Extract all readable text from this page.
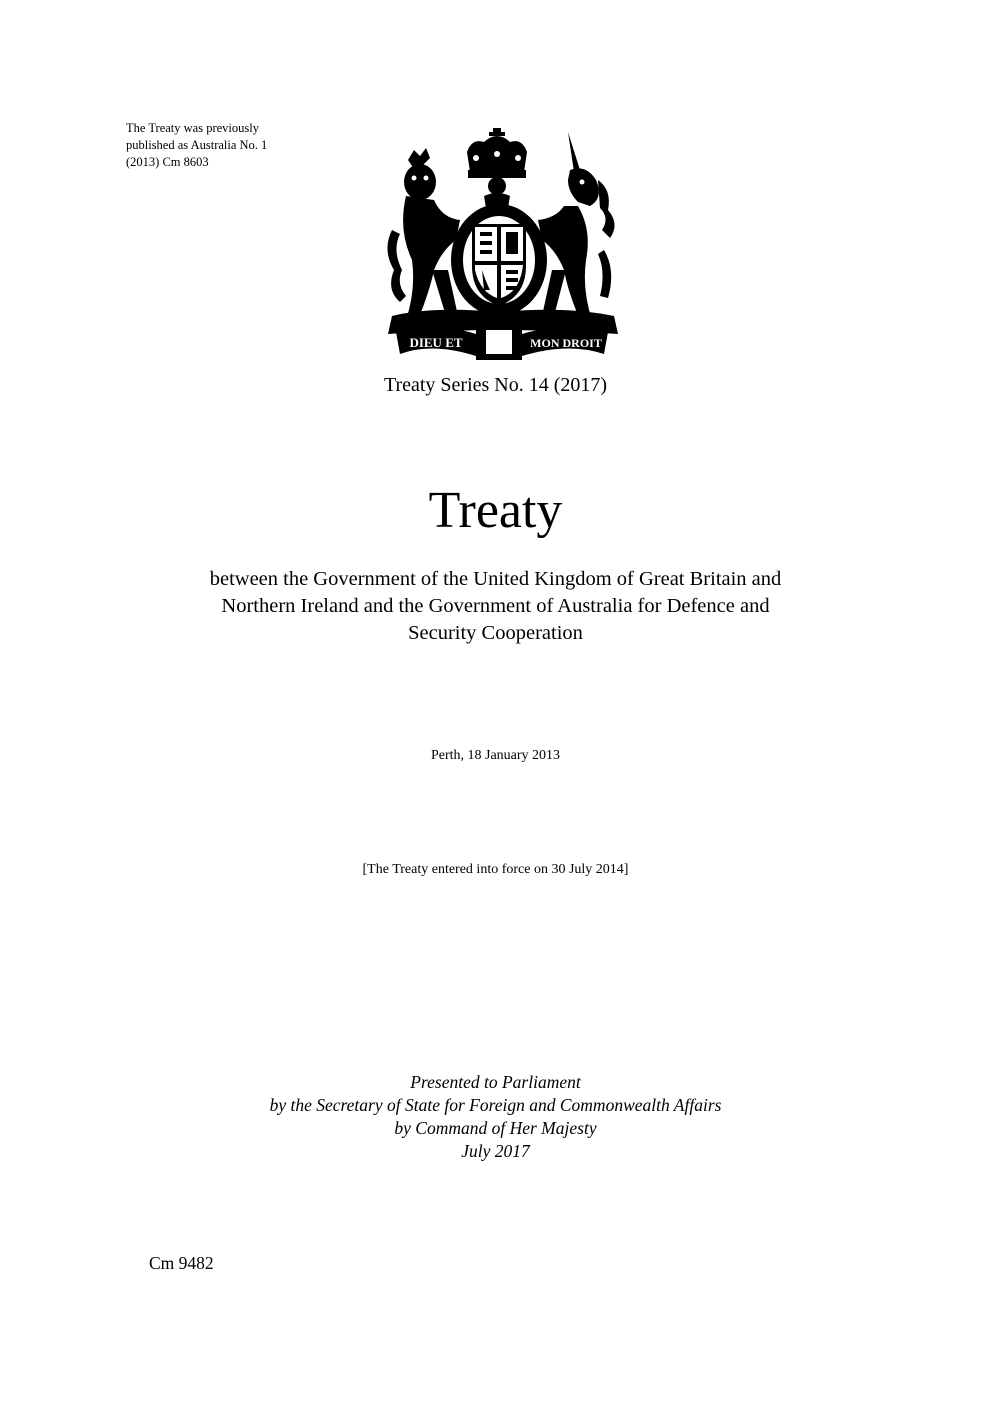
The Treaty was previously
published as Australia No. 1
(2013) Cm 8603
DIEU ET	MON DROIT
Treaty Series No. 14 (2017)
Treaty
between the Government of the United Kingdom of Great Britain and
Northern Ireland and the Government of Australia for Defence and
Security Cooperation
Perth, 18 January 2013
[The Treaty entered into force on 30 July 2014]
Presented to Parliament
by the Secretary of State for Foreign and Commonwealth Affairs
by Command of Her Majesty
July 2017
Cm 9482
